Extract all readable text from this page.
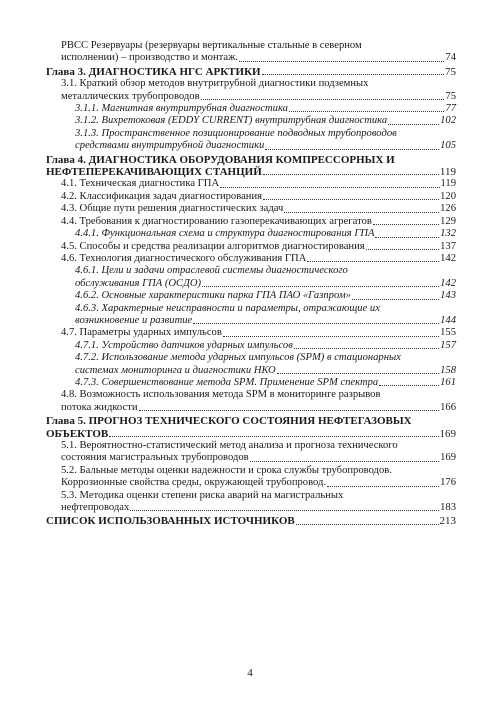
РВСС Резервуары (резервуары вертикальные стальные в северном
исполнении) – производство и монтаж.	74
Глава 3. ДИАГНОСТИКА НГС АРКТИКИ	75
3.1. Краткий обзор методов внутритрубной диагностики подземных
металлических трубопроводов	75
3.1.1. Магнитная внутритрубная диагностика	77
3.1.2. Вихретоковая (EDDY CURRENT) внутритрубная диагностика	102
3.1.3. Пространственное позиционирование подводных трубопроводов
средствами внутритрубной диагностики	105
Глава 4. ДИАГНОСТИКА ОБОРУДОВАНИЯ КОМПРЕССОРНЫХ И
НЕФТЕПЕРЕКАЧИВАЮЩИХ СТАНЦИЙ	119
4.1. Техническая диагностика ГПА	119
4.2. Классификация задач диагностирования	120
4.3. Общие пути решения диагностических задач	126
4.4. Требования к диагностированию газоперекачивающих агрегатов	129
4.4.1. Функциональная схема и структура диагностирования ГПА	132
4.5. Способы и средства реализации алгоритмов диагностирования	137
4.6. Технология диагностического обслуживания ГПА	142
4.6.1. Цели и задачи отраслевой системы диагностического
обслуживания ГПА (ОСДО)	142
4.6.2. Основные характеристики парка ГПА ПАО «Газпром»	143
4.6.3. Характерные неисправности и параметры, отражающие их
возникновение и развитие	144
4.7. Параметры ударных импульсов	155
4.7.1. Устройство датчиков ударных импульсов	157
4.7.2. Использование метода ударных импульсов (SPM) в стационарных
системах мониторинга и диагностики НКО	158
4.7.3. Совершенствование метода SPM. Применение SPM спектра	161
4.8. Возможность использования метода SPM в мониторинге разрывов
потока жидкости	166
Глава 5. ПРОГНОЗ ТЕХНИЧЕСКОГО СОСТОЯНИЯ НЕФТЕГАЗОВЫХ
ОБЪЕКТОВ	169
5.1. Вероятностно-статистический метод анализа и прогноза технического
состояния магистральных трубопроводов	169
5.2. Бальные методы оценки надежности и срока службы трубопроводов.
Коррозионные свойства среды, окружающей трубопровод.	176
5.3. Методика оценки степени риска аварий на магистральных
нефтепроводах	183
СПИСОК ИСПОЛЬЗОВАННЫХ ИСТОЧНИКОВ	213
4
